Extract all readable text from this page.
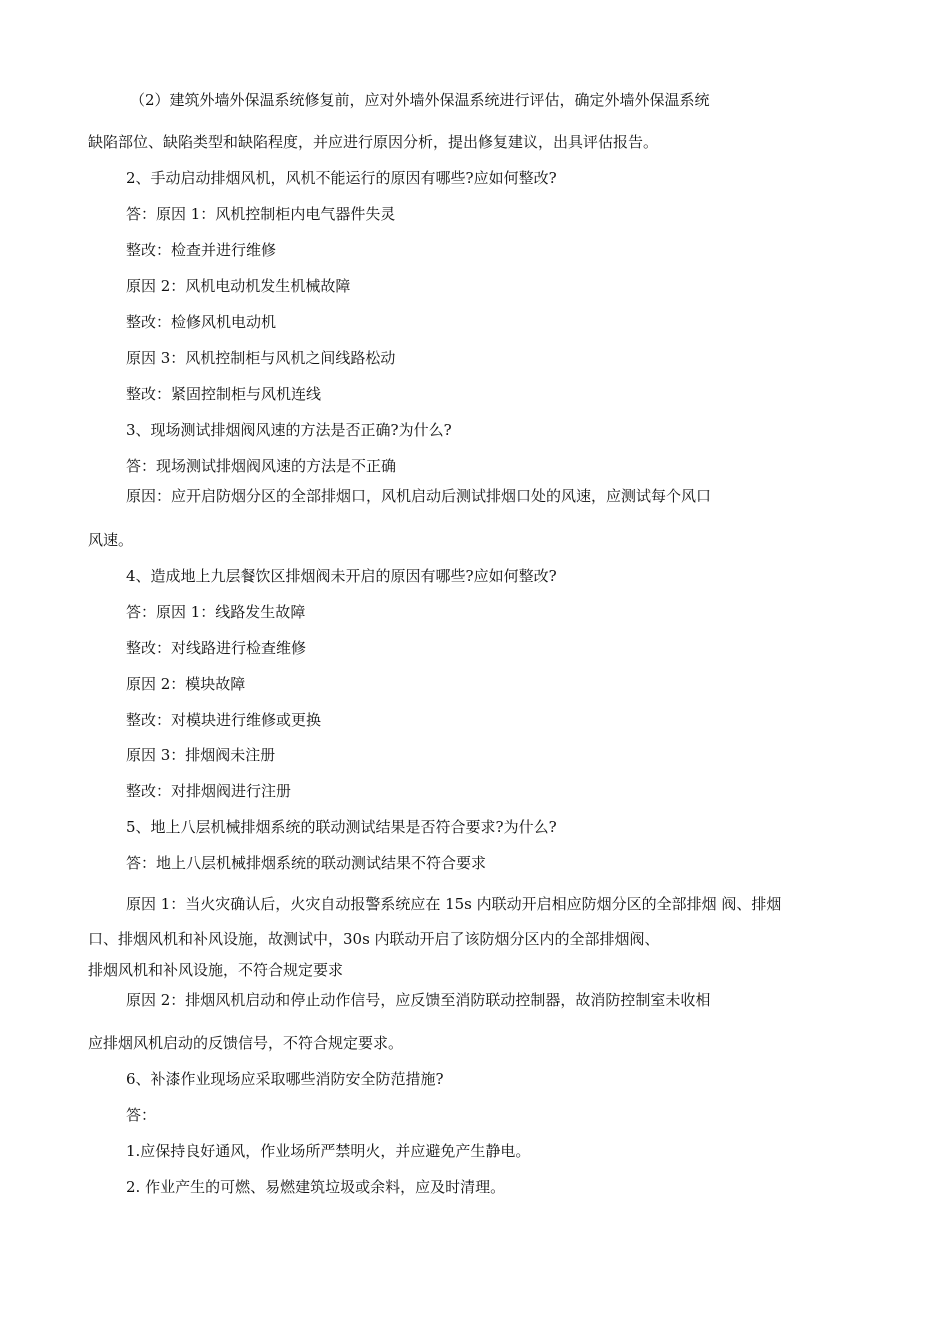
（2）建筑外墙外保温系统修复前，应对外墙外保温系统进行评估，确定外墙外保温系统

缺陷部位、缺陷类型和缺陷程度，并应进行原因分析，提出修复建议，出具评估报告。

2、手动启动排烟风机，风机不能运行的原因有哪些?应如何整改?

答：原因 1：风机控制柜内电气器件失灵

整改：检查并进行维修

原因 2：风机电动机发生机械故障

整改：检修风机电动机

原因 3：风机控制柜与风机之间线路松动

整改：紧固控制柜与风机连线

3、现场测试排烟阀风速的方法是否正确?为什么?

答：现场测试排烟阀风速的方法是不正确

原因：应开启防烟分区的全部排烟口，风机启动后测试排烟口处的风速，应测试每个风口

风速。

4、造成地上九层餐饮区排烟阀未开启的原因有哪些?应如何整改?

答：原因 1：线路发生故障

整改：对线路进行检查维修

原因 2：模块故障

整改：对模块进行维修或更换

原因 3：排烟阀未注册

整改：对排烟阀进行注册

5、地上八层机械排烟系统的联动测试结果是否符合要求?为什么?

答：地上八层机械排烟系统的联动测试结果不符合要求

原因 1：当火灾确认后，火灾自动报警系统应在 15s 内联动开启相应防烟分区的全部排烟 阀、排烟

口、排烟风机和补风设施，故测试中，30s 内联动开启了该防烟分区内的全部排烟阀、

排烟风机和补风设施，不符合规定要求

原因 2：排烟风机启动和停止动作信号，应反馈至消防联动控制器，故消防控制室未收相

应排烟风机启动的反馈信号，不符合规定要求。

6、补漆作业现场应采取哪些消防安全防范措施?

答：

1.应保持良好通风，作业场所严禁明火，并应避免产生静电。

2. 作业产生的可燃、易燃建筑垃圾或余料，应及时清理。
